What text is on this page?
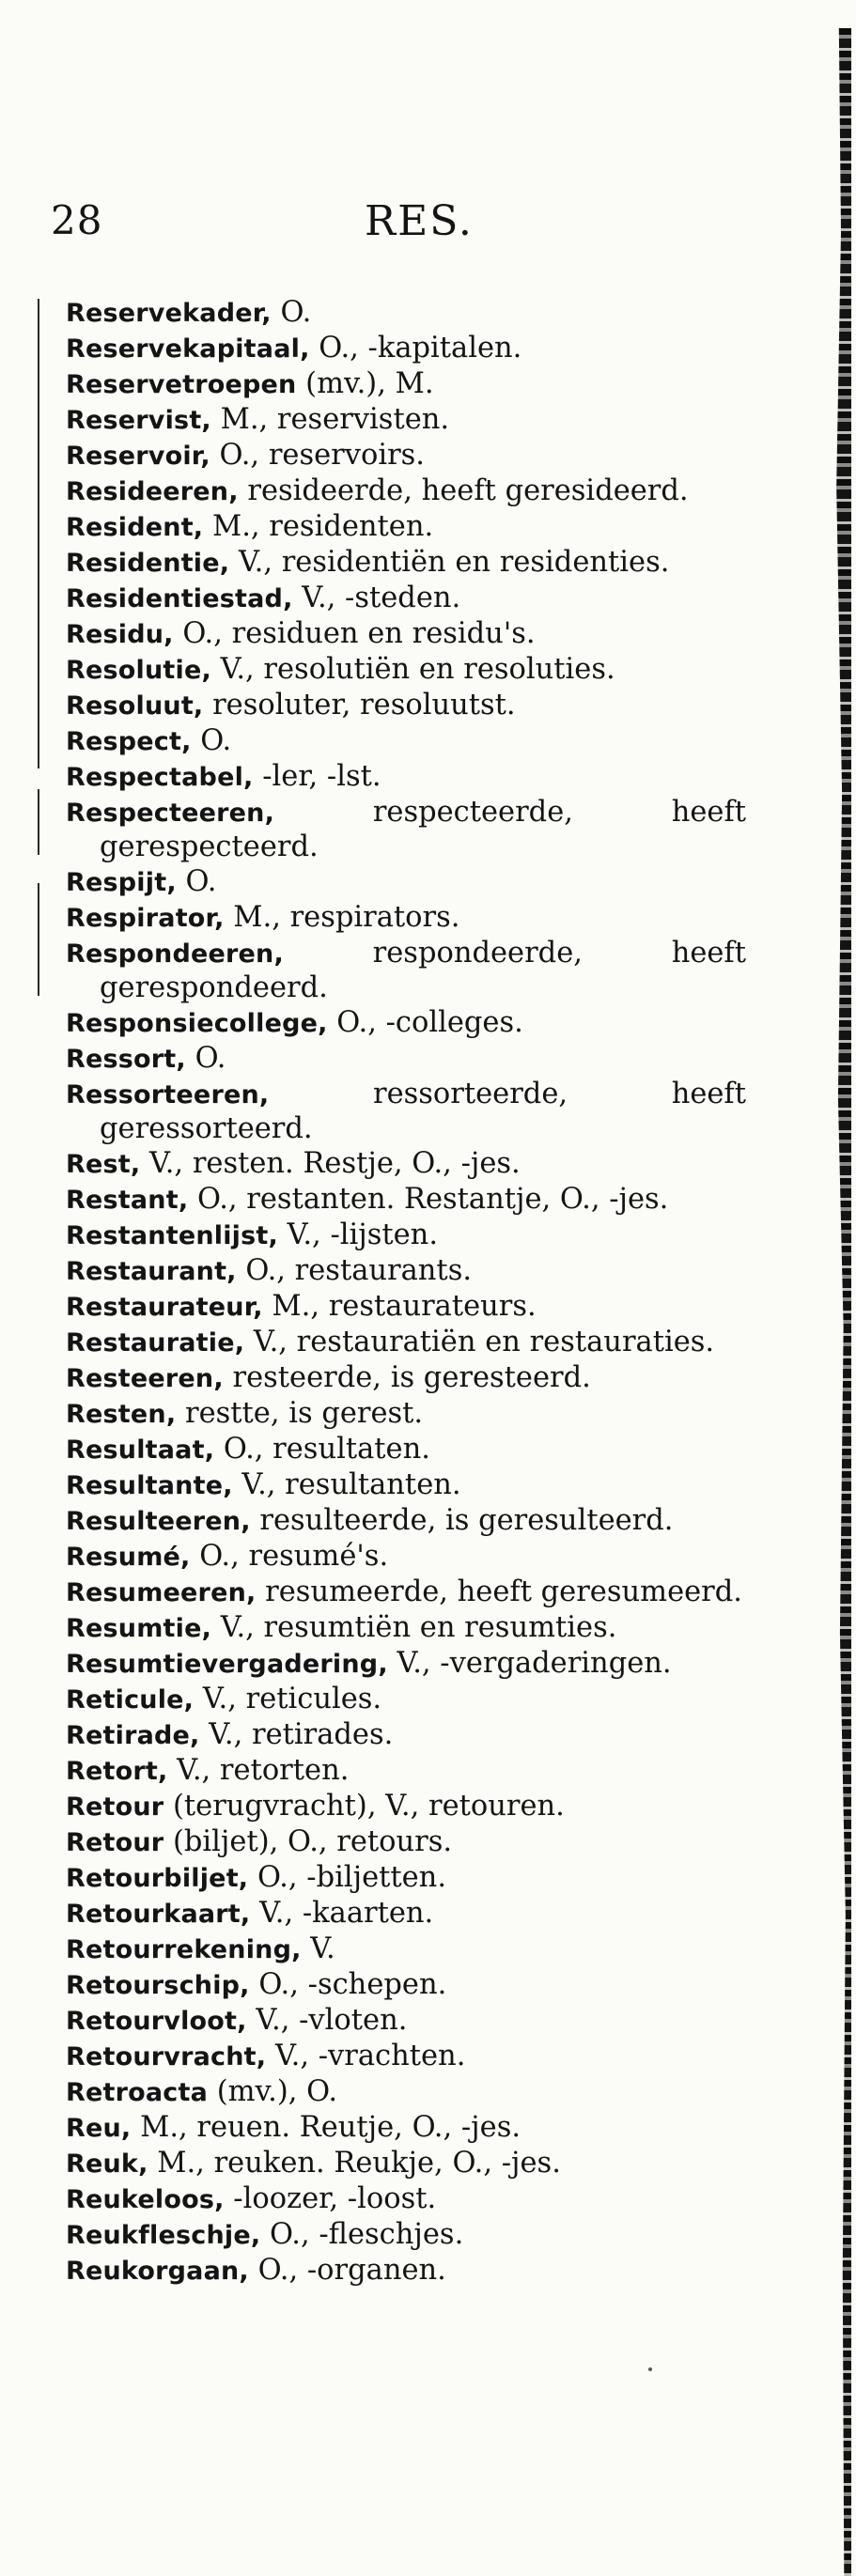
28	RES.
Reservekader, O.
Reservekapitaal, O., -kapitalen.
Reservetroepen (mv.), M.
Reservist, M., reservisten.
Reservoir, O., reservoirs.
Resideeren, resideerde, heeft geresideerd.
Resident, M., residenten.
Residentie, V., residentiën en residenties.
Residentiestad, V., -steden.
Residu, O., residuen en residu's.
Resolutie, V., resolutiën en resoluties.
Resoluut, resoluter, resoluutst.
Respect, O.
Respectabel, -ler, -lst.
Respecteeren,	respecteerde, heeft gerespecteerd.
Respijt, O.
Respirator, M., respirators.
Respondeeren,	respondeerde, heeft gerespondeerd.
Responsiecollege, O., -colleges.
Ressort, O.
Ressorteeren,	ressorteerde, heeft geressorteerd.
Rest, V., resten. Restje, O., -jes.
Restant, O., restanten. Restantje, O., -jes.
Restantenlijst, V., -lijsten.
Restaurant, O., restaurants.
Restaurateur, M., restaurateurs.
Restauratie, V., restauratiën en restauraties.
Resteeren, resteerde, is geresteerd.
Resten, restte, is gerest.
Resultaat, O., resultaten.
Resultante, V., resultanten.
Resulteeren, resulteerde, is geresulteerd.
Resumé, O., resumé's.
Resumeeren, resumeerde, heeft geresumeerd.
Resumtie, V., resumtiën en resumties.
Resumtievergadering, V., -vergaderingen.
Reticule, V., reticules.
Retirade, V., retirades.
Retort, V., retorten.
Retour (terugvracht), V., retouren.
Retour (biljet), O., retours.
Retourbiljet, O., -biljetten.
Retourkaart, V., -kaarten.
Retourrekening, V.
Retourschip, O., -schepen.
Retourvloot, V., -vloten.
Retourvracht, V., -vrachten.
Retroacta (mv.), O.
Reu, M., reuen. Reutje, O., -jes.
Reuk, M., reuken. Reukje, O., -jes.
Reukeloos, -loozer, -loost.
Reukfleschje, O., -fleschjes.
Reukorgaan, O., -organen.
